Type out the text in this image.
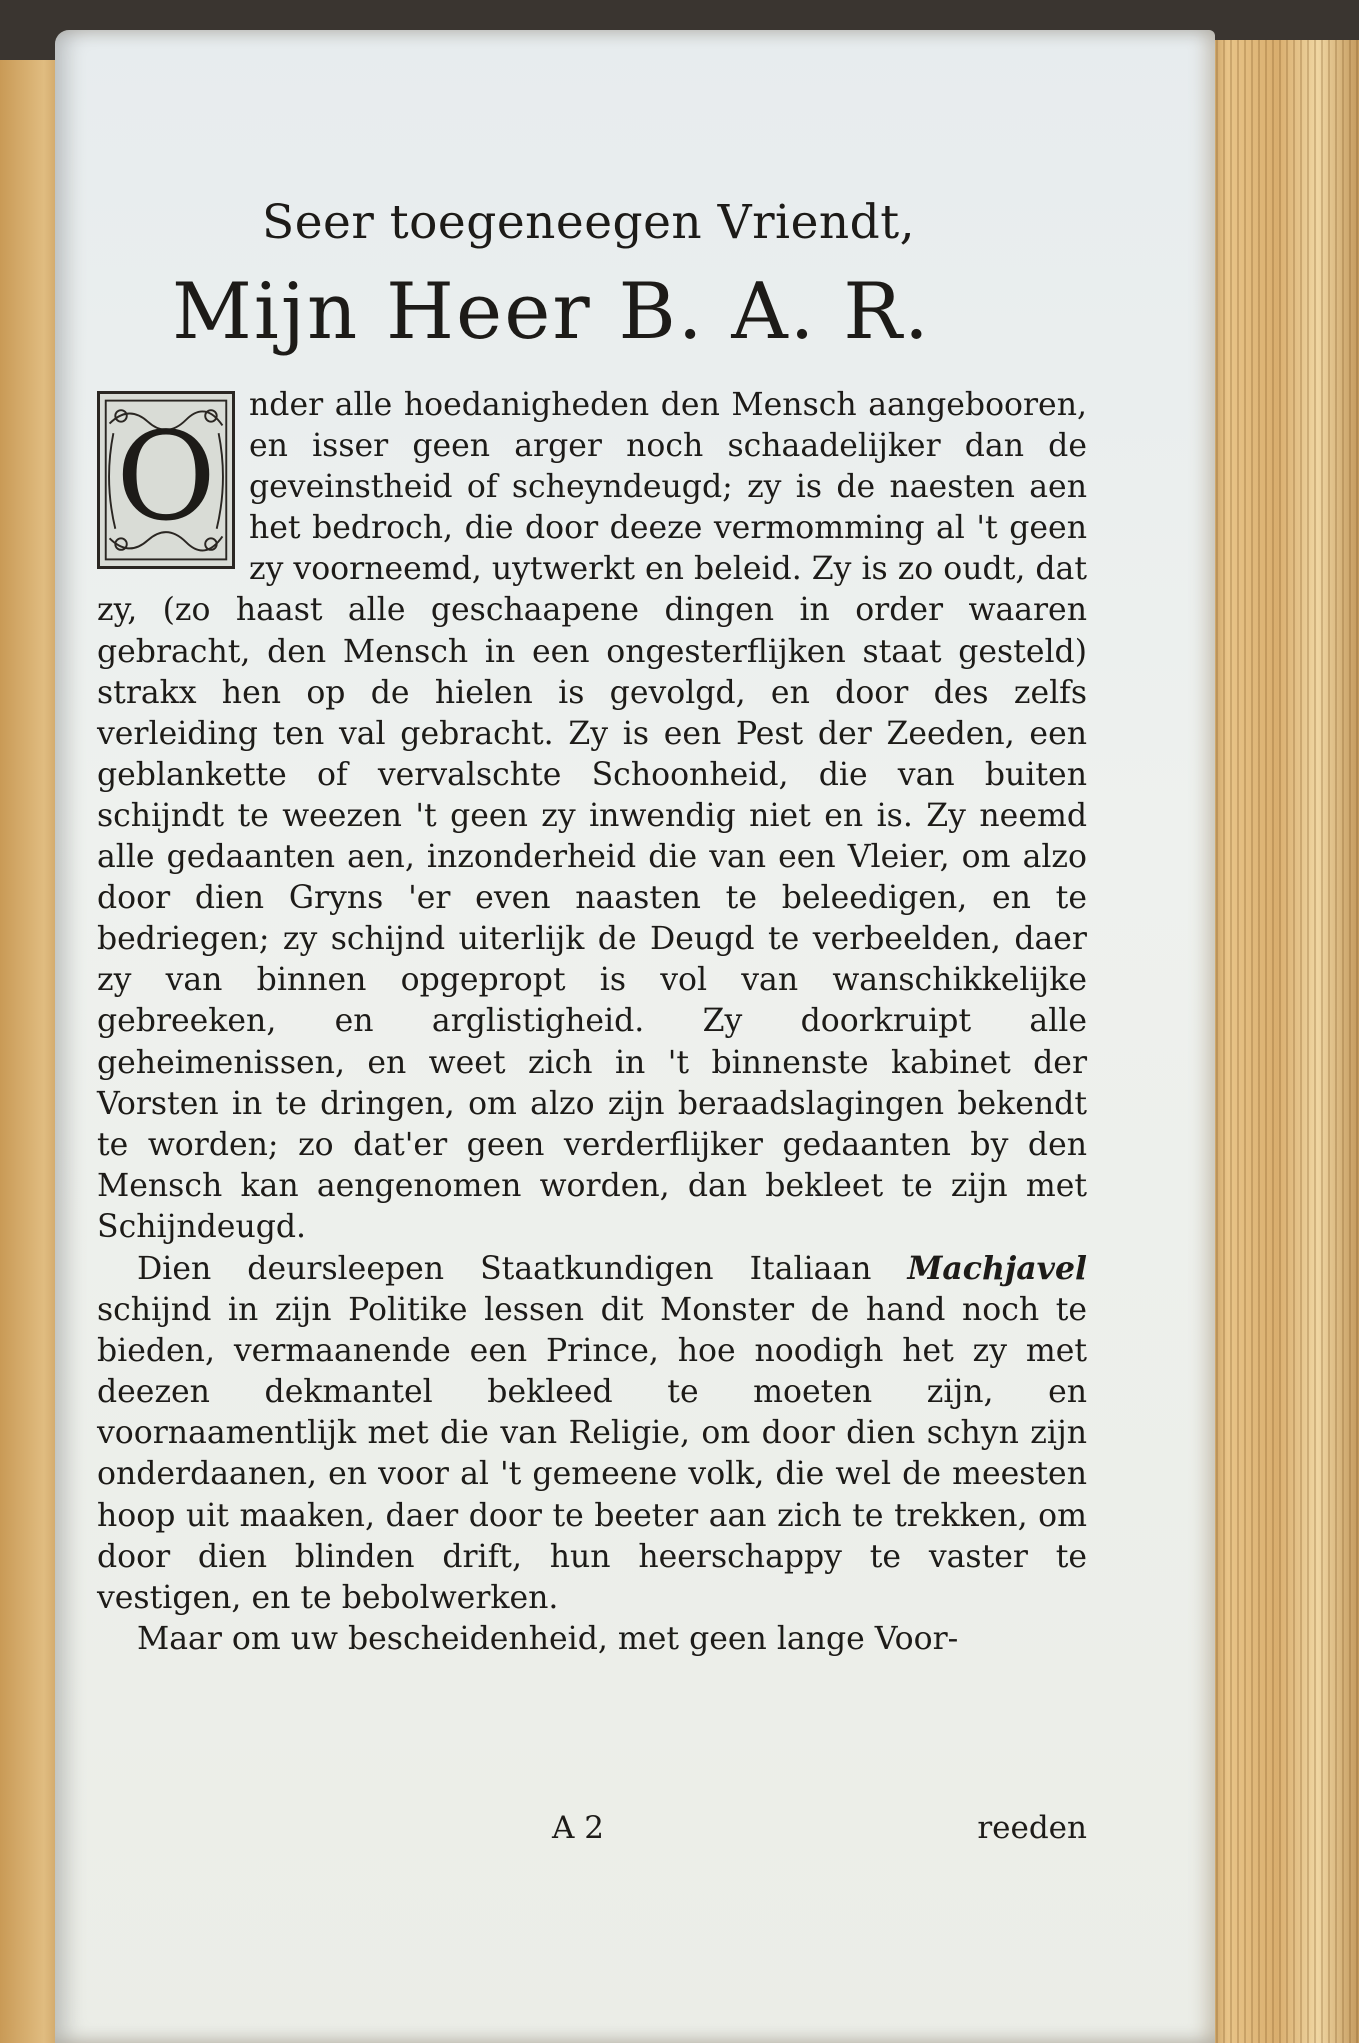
Seer toegeneegen Vriendt,
Mijn Heer B. A. R.

O
nder alle hoedanigheden den Mensch aangebooren, en isser geen arger noch schaadelijker dan de geveinstheid of scheyndeugd; zy is de naesten aen het bedroch, die door deeze vermomming al 't geen zy voorneemd, uytwerkt en beleid. Zy is zo oudt, dat zy, (zo haast alle geschaapene dingen in order waaren gebracht, den Mensch in een ongesterflijken staat gesteld) strakx hen op de hielen is gevolgd, en door des zelfs verleiding ten val gebracht. Zy is een Pest der Zeeden, een geblankette of vervalschte Schoonheid, die van buiten schijndt te weezen 't geen zy inwendig niet en is. Zy neemd alle gedaanten aen, inzonderheid die van een Vleier, om alzo door dien Gryns 'er even naasten te beleedigen, en te bedriegen; zy schijnd uiterlijk de Deugd te verbeelden, daer zy van binnen opgepropt is vol van wanschikkelijke gebreeken, en arglistigheid. Zy doorkruipt alle geheimenissen, en weet zich in 't binnenste kabinet der Vorsten in te dringen, om alzo zijn beraadslagingen bekendt te worden; zo dat'er geen verderflijker gedaanten by den Mensch kan aengenomen worden, dan bekleet te zijn met Schijndeugd.

Dien deursleepen Staatkundigen Italiaan Machjavel schijnd in zijn Politike lessen dit Monster de hand noch te bieden, vermaanende een Prince, hoe noodigh het zy met deezen dekmantel bekleed te moeten zijn, en voornaamentlijk met die van Religie, om door dien schyn zijn onderdaanen, en voor al 't gemeene volk, die wel de meesten hoop uit maaken, daer door te beeter aan zich te trekken, om door dien blinden drift, hun heerschappy te vaster te vestigen, en te bebolwerken.

Maar om uw bescheidenheid, met geen lange Voor-

A 2	reeden
